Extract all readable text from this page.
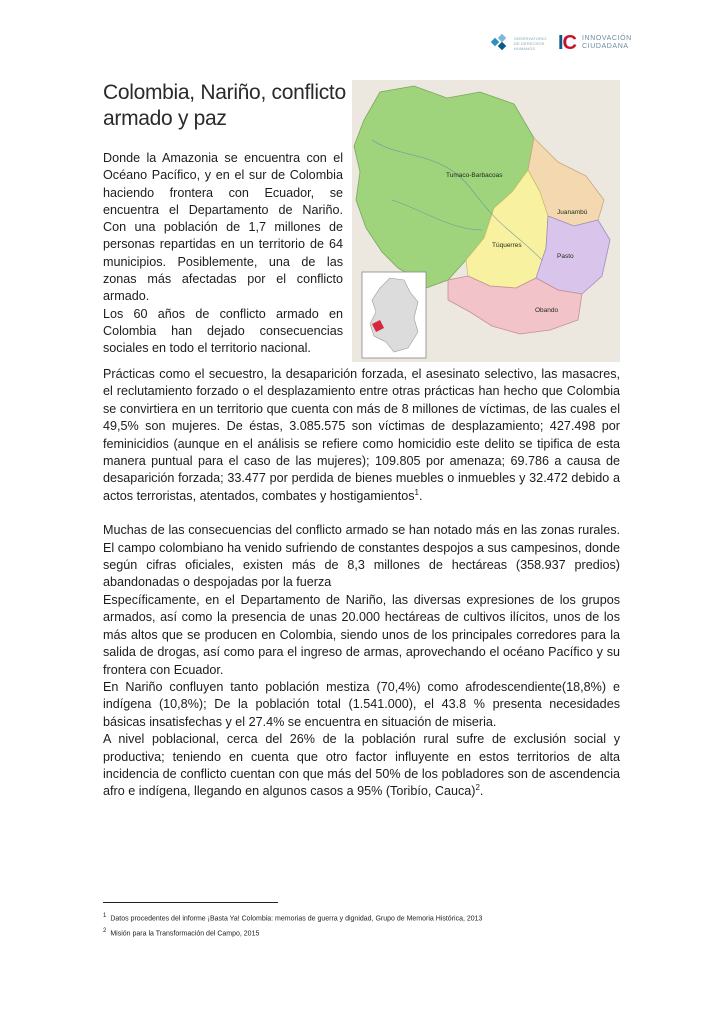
OBSERVATORIO DE DERECHOS HUMANOS	IC INNOVACIÓN
CIUDADANA
Colombia, Nariño, conflicto armado y paz

Donde la Amazonia se encuentra con el Océano Pacífico, y en el sur de Colombia haciendo frontera con Ecuador, se encuentra el Departamento de Nariño. Con una población de 1,7 millones de personas repartidas en un territorio de 64 municipios. Posiblemente, una de las zonas más afectadas por el conflicto armado.

Los 60 años de conflicto armado en Colombia han dejado consecuencias sociales en todo el territorio nacional.

Tumaco-Barbacoas
Juanambú
Túquerres
Pasto
Obando

Prácticas como el secuestro, la desaparición forzada, el asesinato selectivo, las masacres, el reclutamiento forzado o el desplazamiento entre otras prácticas han hecho que Colombia se convirtiera en un territorio que cuenta con más de 8 millones de víctimas, de las cuales el 49,5% son mujeres. De éstas, 3.085.575 son víctimas de desplazamiento; 427.498 por feminicidios (aunque en el análisis se refiere como homicidio este delito se tipifica de esta manera puntual para el caso de las mujeres); 109.805 por amenaza; 69.786 a causa de desaparición forzada; 33.477 por perdida de bienes muebles o inmuebles y 32.472 debido a actos terroristas, atentados, combates y hostigamientos$^1$.

Muchas de las consecuencias del conflicto armado se han notado más en las zonas rurales. El campo colombiano ha venido sufriendo de constantes despojos a sus campesinos, donde según cifras oficiales, existen más de 8,3 millones de hectáreas (358.937 predios) abandonadas o despojadas por la fuerza

Específicamente, en el Departamento de Nariño, las diversas expresiones de los grupos armados, así como la presencia de unas 20.000 hectáreas de cultivos ilícitos, unos de los más altos que se producen en Colombia, siendo unos de los principales corredores para la salida de drogas, así como para el ingreso de armas, aprovechando el océano Pacífico y su frontera con Ecuador.

En Nariño confluyen tanto población mestiza (70,4%) como afrodescendiente(18,8%) e indígena (10,8%); De la población total (1.541.000), el 43.8 % presenta necesidades básicas insatisfechas y el 27.4% se encuentra en situación de miseria.

A nivel poblacional, cerca del 26% de la población rural sufre de exclusión social y productiva; teniendo en cuenta que otro factor influyente en estos territorios de alta incidencia de conflicto cuentan con que más del 50% de los pobladores son de ascendencia afro e indígena, llegando en algunos casos a 95% (Toribío, Cauca)$^2$.

1 Datos procedentes del informe ¡Basta Ya! Colombia: memorias de guerra y dignidad, Grupo de Memoria Histórica, 2013
2 Misión para la Transformación del Campo, 2015
